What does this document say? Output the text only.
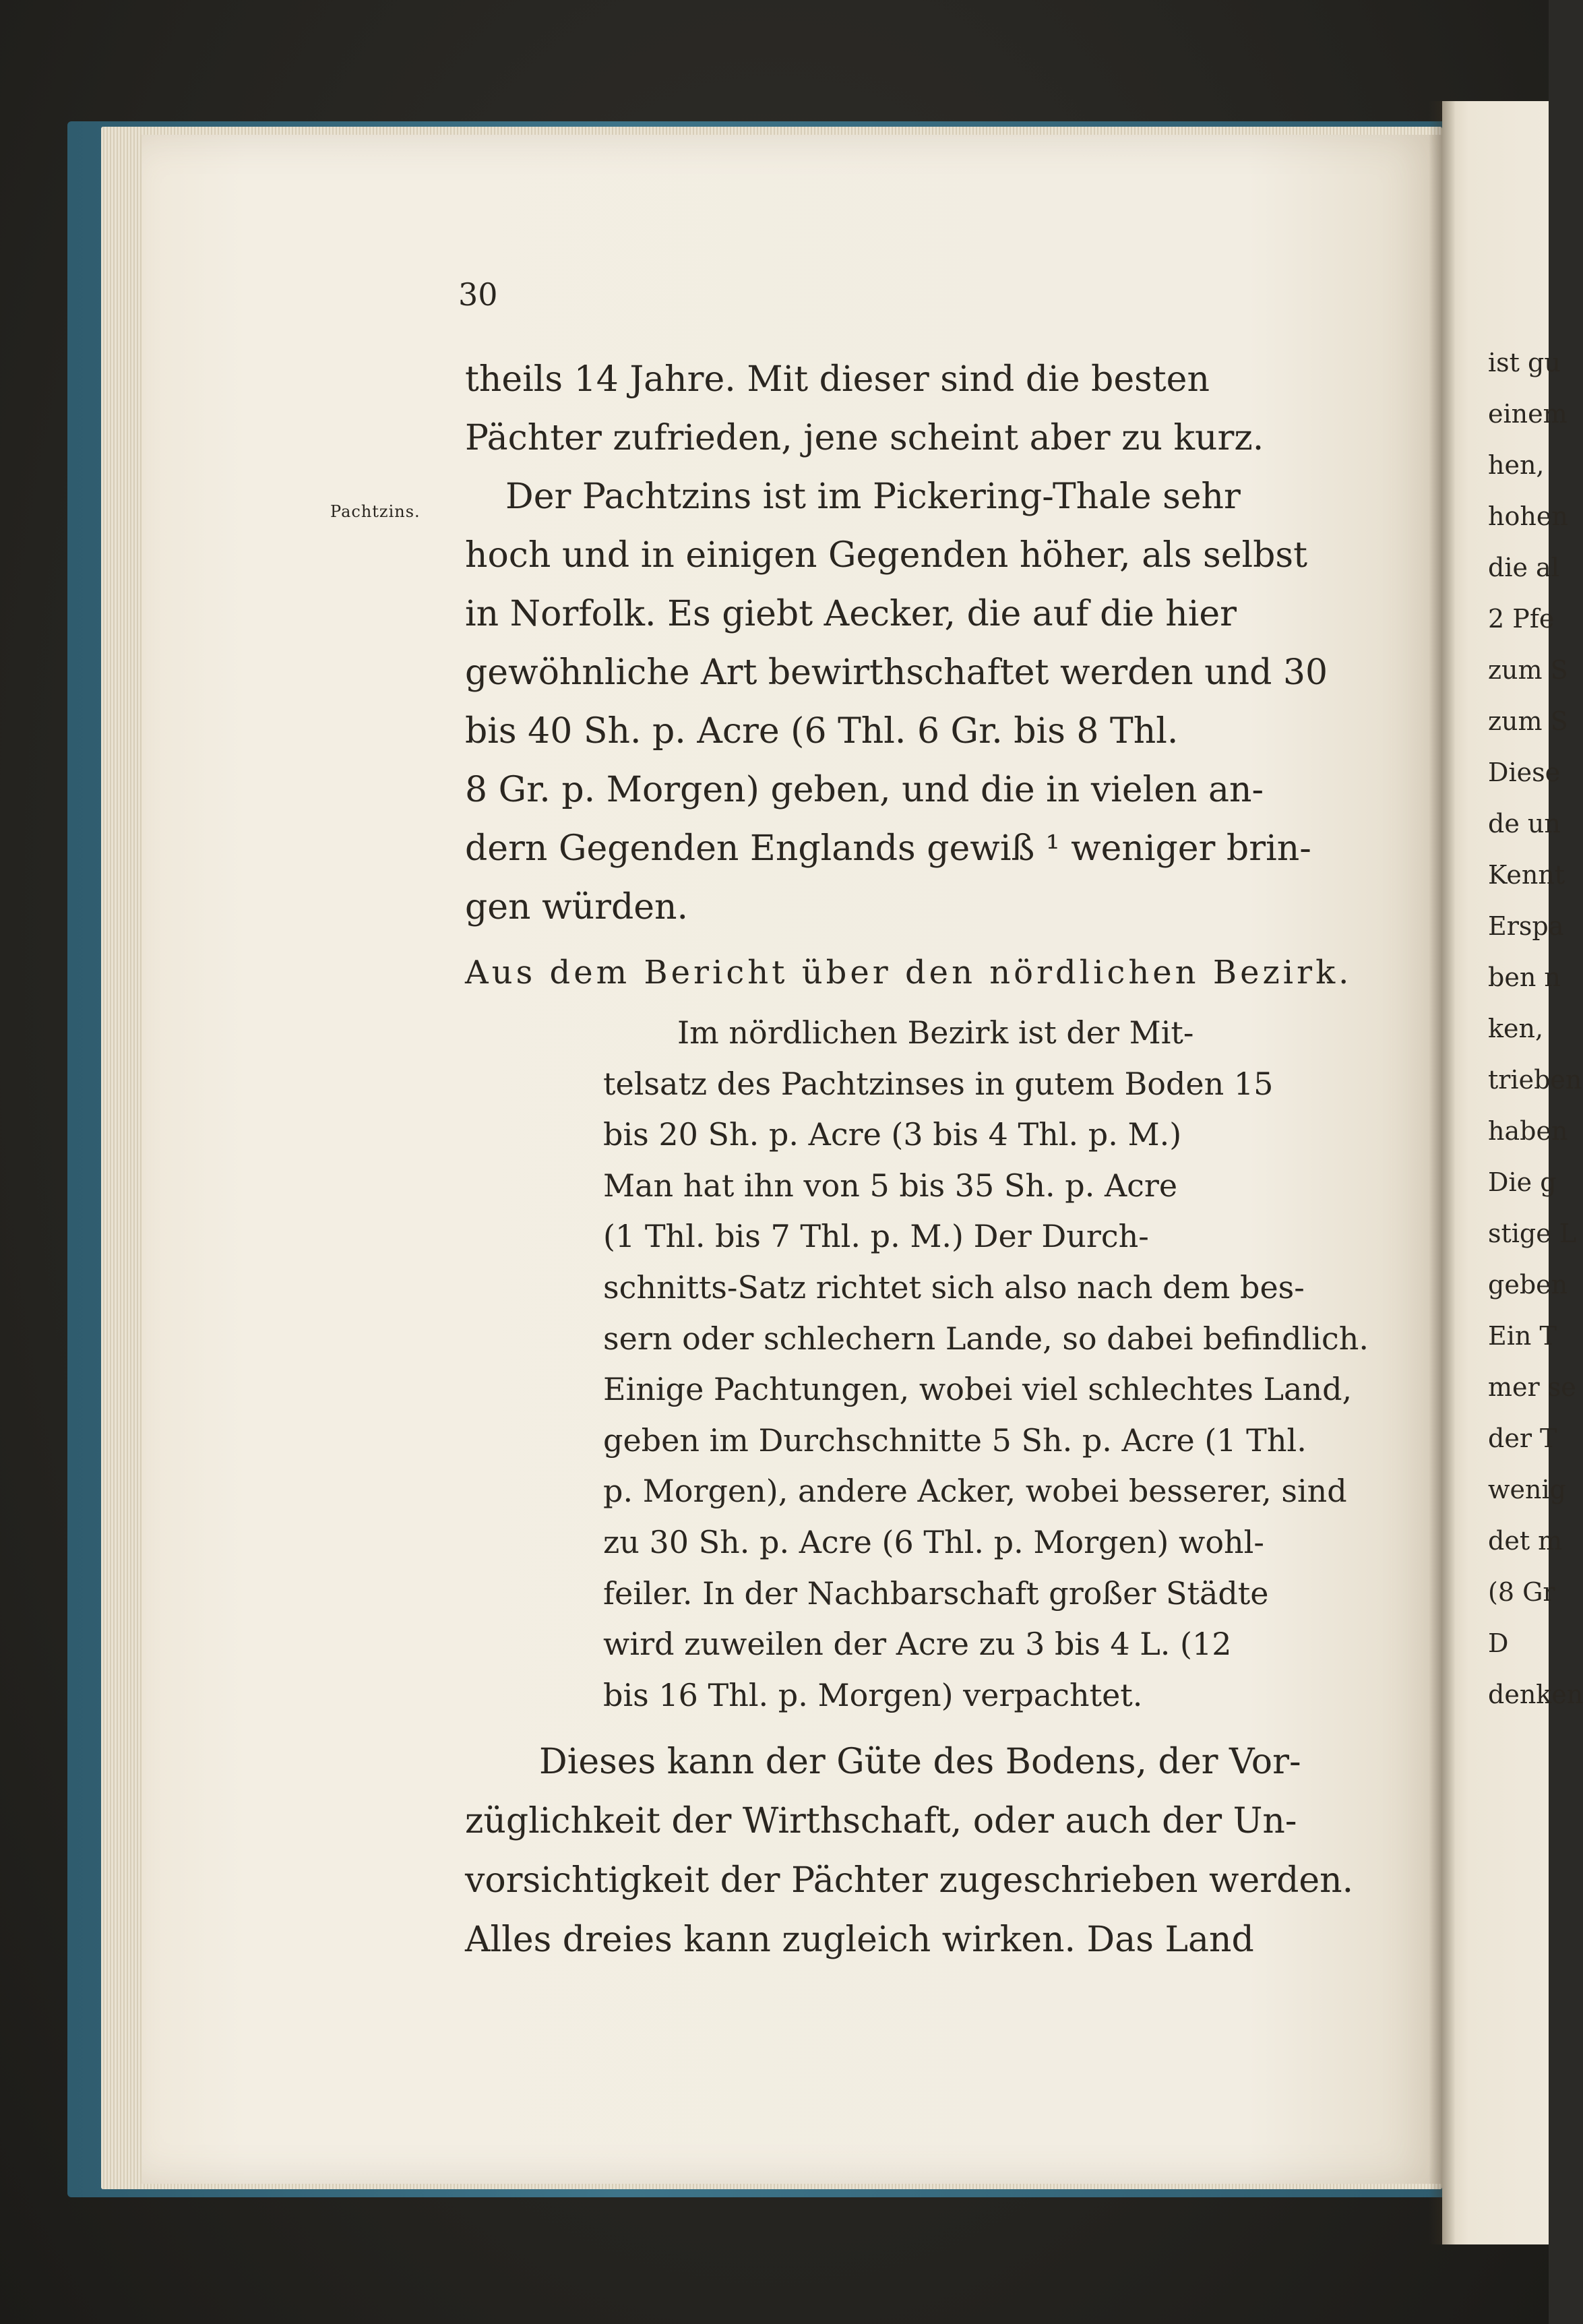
30
Pachtzins.
theils 14 Jahre. Mit dieser sind die besten
Pächter zufrieden, jene scheint aber zu kurz.
Der Pachtzins ist im Pickering-Thale sehr
hoch und in einigen Gegenden höher, als selbst
in Norfolk. Es giebt Aecker, die auf die hier
gewöhnliche Art bewirthschaftet werden und 30
bis 40 Sh. p. Acre (6 Thl. 6 Gr. bis 8 Thl.
8 Gr. p. Morgen) geben, und die in vielen an-
dern Gegenden Englands gewiß ¹ weniger brin-
gen würden.
Aus dem Bericht über den nördlichen Bezirk.
Im nördlichen Bezirk ist der Mit-
telsatz des Pachtzinses in gutem Boden 15
bis 20 Sh. p. Acre (3 bis 4 Thl. p. M.)
Man hat ihn von 5 bis 35 Sh. p. Acre
(1 Thl. bis 7 Thl. p. M.) Der Durch-
schnitts-Satz richtet sich also nach dem bes-
sern oder schlechern Lande, so dabei befindlich.
Einige Pachtungen, wobei viel schlechtes Land,
geben im Durchschnitte 5 Sh. p. Acre (1 Thl.
p. Morgen), andere Acker, wobei besserer, sind
zu 30 Sh. p. Acre (6 Thl. p. Morgen) wohl-
feiler. In der Nachbarschaft großer Städte
wird zuweilen der Acre zu 3 bis 4 L. (12
bis 16 Thl. p. Morgen) verpachtet.
Dieses kann der Güte des Bodens, der Vor-
züglichkeit der Wirthschaft, oder auch der Un-
vorsichtigkeit der Pächter zugeschrieben werden.
Alles dreies kann zugleich wirken. Das Land
ist gu
einem
hen,
hohen
die al
2 Pfe
zum S
zum S
Diese
de un
Kennt
Erspa
ben n
ken,
trieben
haben
Die g
stige L
geben
Ein T
mer se
der T
wenig
det m
(8 Gr
D
denken
